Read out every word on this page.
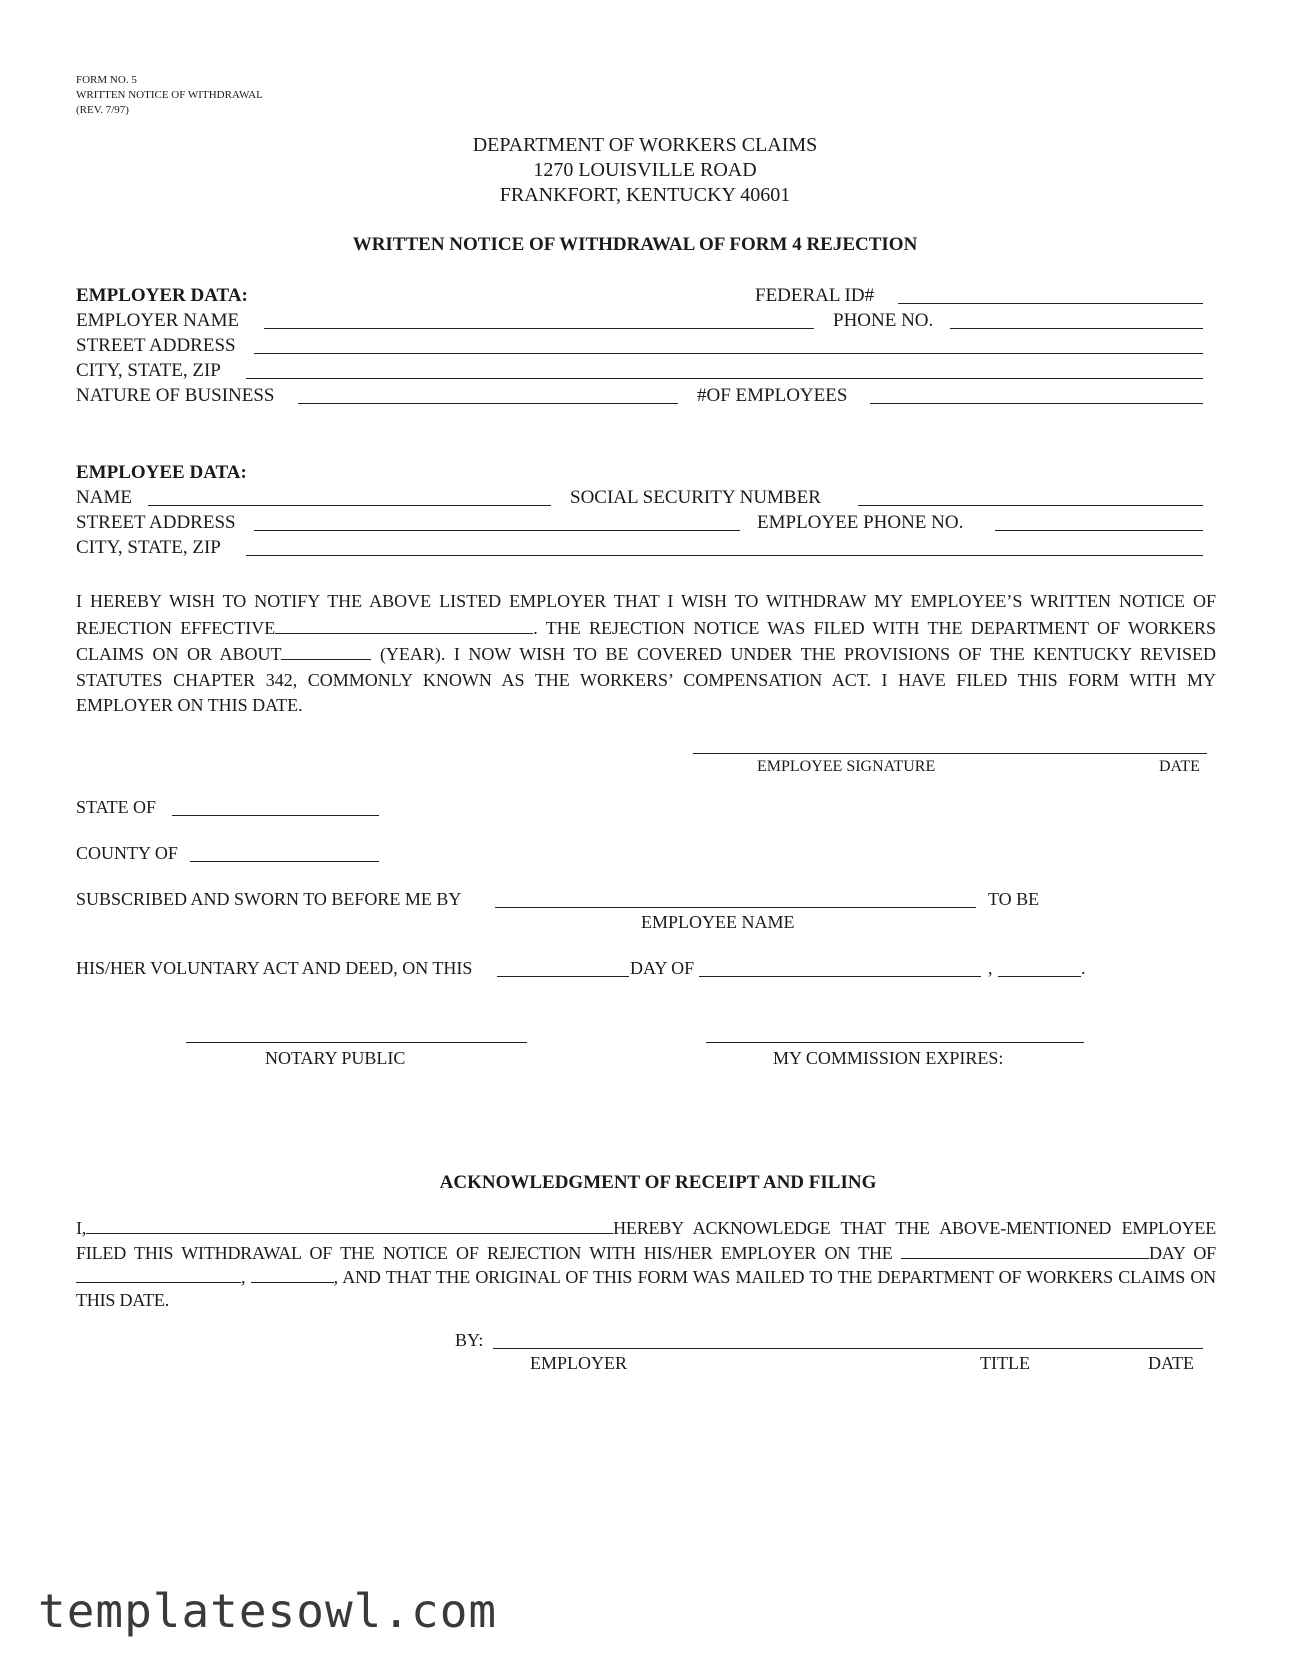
FORM NO. 5
WRITTEN NOTICE OF WITHDRAWAL
(REV. 7/97)
DEPARTMENT OF WORKERS CLAIMS
1270 LOUISVILLE ROAD
FRANKFORT, KENTUCKY 40601
WRITTEN NOTICE OF WITHDRAWAL OF FORM 4 REJECTION
EMPLOYER DATA:	FEDERAL ID#
EMPLOYER NAME	PHONE NO.
STREET ADDRESS
CITY, STATE, ZIP
NATURE OF BUSINESS	#OF EMPLOYEES
EMPLOYEE DATA:
NAME	SOCIAL SECURITY NUMBER
STREET ADDRESS	EMPLOYEE PHONE NO.
CITY, STATE, ZIP
I HEREBY WISH TO NOTIFY THE ABOVE LISTED EMPLOYER THAT I WISH TO WITHDRAW MY EMPLOYEE’S WRITTEN NOTICE OF REJECTION EFFECTIVE	. THE REJECTION NOTICE WAS FILED WITH THE DEPARTMENT OF WORKERS CLAIMS ON OR ABOUT	(YEAR). I NOW WISH TO BE COVERED UNDER THE PROVISIONS OF THE KENTUCKY REVISED STATUTES CHAPTER 342, COMMONLY KNOWN AS THE WORKERS’ COMPENSATION ACT. I HAVE FILED THIS FORM WITH MY EMPLOYER ON THIS DATE.
EMPLOYEE SIGNATURE	DATE
STATE OF
COUNTY OF
SUBSCRIBED AND SWORN TO BEFORE ME BY	TO BE
EMPLOYEE NAME
HIS/HER VOLUNTARY ACT AND DEED, ON THIS	DAY OF	,	.
NOTARY PUBLIC	MY COMMISSION EXPIRES:
ACKNOWLEDGMENT OF RECEIPT AND FILING
I,	HEREBY ACKNOWLEDGE THAT THE ABOVE-MENTIONED EMPLOYEE FILED THIS WITHDRAWAL OF THE NOTICE OF REJECTION WITH HIS/HER EMPLOYER ON THE	DAY OF ,	, AND THAT THE ORIGINAL OF THIS FORM WAS MAILED TO THE DEPARTMENT OF WORKERS CLAIMS ON THIS DATE.
BY:
EMPLOYER	TITLE	DATE
templatesowl.com
